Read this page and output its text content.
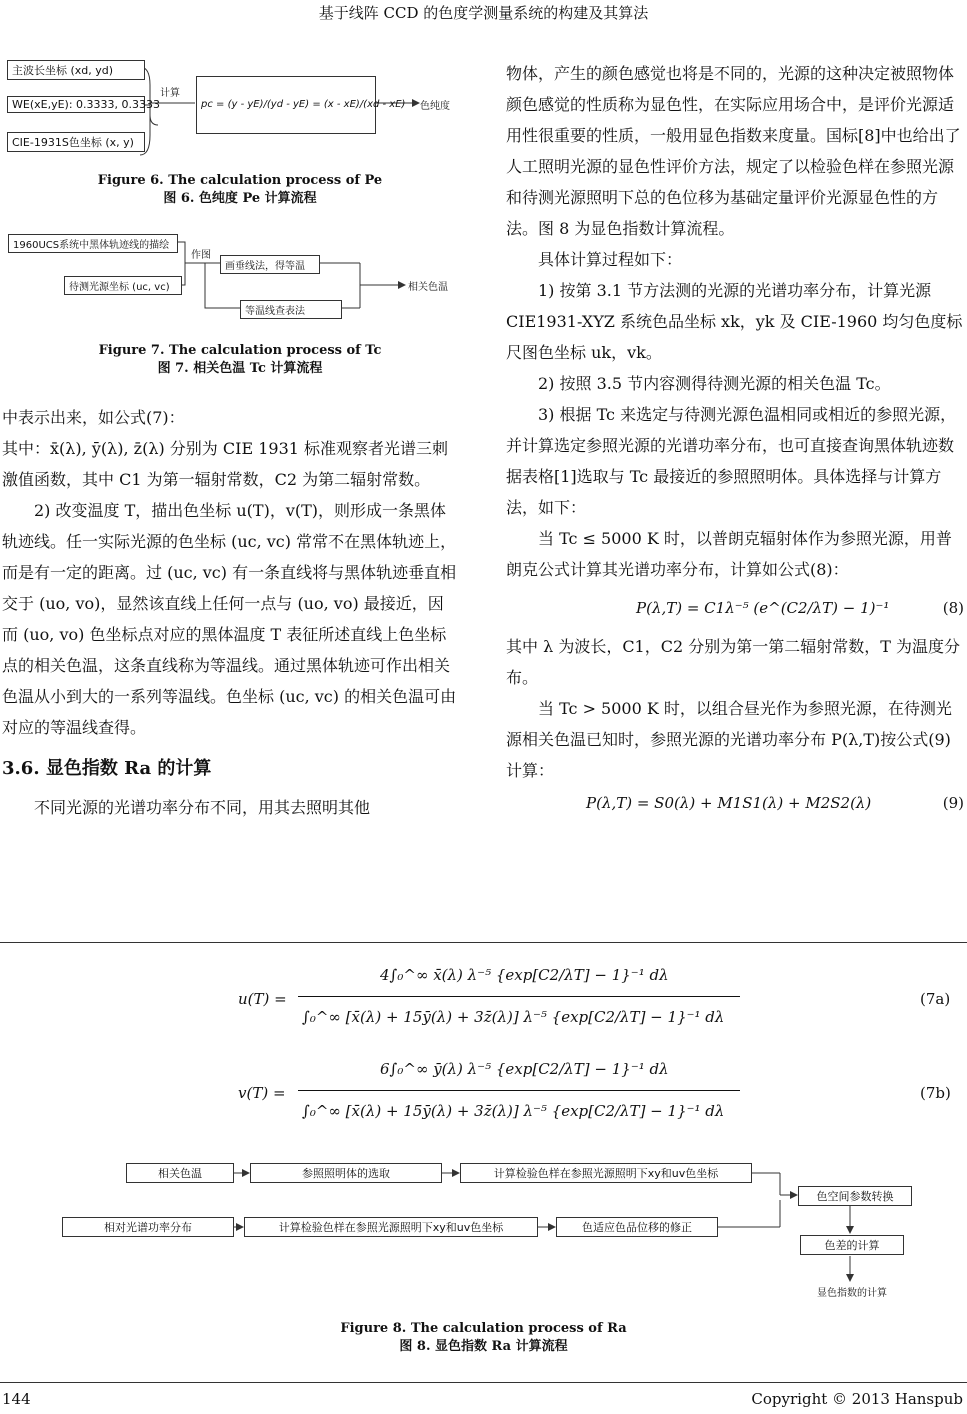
基于线阵 CCD 的色度学测量系统的构建及其算法
主波长坐标 (xd, yd)
WE(xE,yE): 0.3333, 0.3333
CIE-1931S色坐标 (x, y)
计算
pc = (y - yE)/(yd - yE) = (x - xE)/(xd - xE) 色纯度
Figure 6. The calculation process of Pe
图 6. 色纯度 Pe 计算流程
1960UCS系统中黑体轨迹线的描绘
待测光源坐标 (uc, vc)
作图
画垂线法，得等温
等温线查表法
相关色温
Figure 7. The calculation process of Tc
图 7. 相关色温 Tc 计算流程

中表示出来，如公式(7)：

其中：x̄(λ), ȳ(λ), z̄(λ) 分别为 CIE 1931 标准观察者光谱三刺激值函数，其中 C1 为第一辐射常数，C2 为第二辐射常数。

2) 改变温度 T，描出色坐标 u(T)，v(T)，则形成一条黑体轨迹线。任一实际光源的色坐标 (uc, vc) 常常不在黑体轨迹上，而是有一定的距离。过 (uc, vc) 有一条直线将与黑体轨迹垂直相交于 (uo, vo)，显然该直线上任何一点与 (uo, vo) 最接近，因而 (uo, vo) 色坐标点对应的黑体温度 T 表征所述直线上色坐标点的相关色温，这条直线称为等温线。通过黑体轨迹可作出相关色温从小到大的一系列等温线。色坐标 (uc, vc) 的相关色温可由对应的等温线查得。

3.6. 显色指数 Ra 的计算

不同光源的光谱功率分布不同，用其去照明其他

物体，产生的颜色感觉也将是不同的，光源的这种决定被照物体颜色感觉的性质称为显色性，在实际应用场合中，是评价光源适用性很重要的性质，一般用显色指数来度量。国标[8]中也给出了人工照明光源的显色性评价方法，规定了以检验色样在参照光源和待测光源照明下总的色位移为基础定量评价光源显色性的方法。图 8 为显色指数计算流程。

具体计算过程如下：

1) 按第 3.1 节方法测的光源的光谱功率分布，计算光源 CIE1931-XYZ 系统色品坐标 xk，yk 及 CIE-1960 均匀色度标尺图色坐标 uk，vk。

2) 按照 3.5 节内容测得待测光源的相关色温 Tc。

3) 根据 Tc 来选定与待测光源色温相同或相近的参照光源，并计算选定参照光源的光谱功率分布，也可直接查询黑体轨迹数据表格[1]选取与 Tc 最接近的参照照明体。具体选择与计算方法，如下：

当 Tc ≤ 5000 K 时，以普朗克辐射体作为参照光源，用普朗克公式计算其光谱功率分布，计算如公式(8)：

P(λ,T) = C1λ⁻⁵ (e^(C2/λT) − 1)⁻¹	(8)

其中 λ 为波长，C1，C2 分别为第一第二辐射常数，T 为温度分布。

当 Tc > 5000 K 时，以组合昼光作为参照光源，在待测光源相关色温已知时，参照光源的光谱功率分布 P(λ,T)按公式(9)计算：

P(λ,T) = S0(λ) + M1S1(λ) + M2S2(λ)	(9)
u(T) =
4∫₀^∞ x̄(λ) λ⁻⁵ {exp[C2/λT] − 1}⁻¹ dλ
∫₀^∞ [x̄(λ) + 15ȳ(λ) + 3z̄(λ)] λ⁻⁵ {exp[C2/λT] − 1}⁻¹ dλ
(7a)
v(T) =
6∫₀^∞ ȳ(λ) λ⁻⁵ {exp[C2/λT] − 1}⁻¹ dλ
∫₀^∞ [x̄(λ) + 15ȳ(λ) + 3z̄(λ)] λ⁻⁵ {exp[C2/λT] − 1}⁻¹ dλ
(7b)
相关色温	参照照明体的选取	计算检验色样在参照光源照明下xy和uv色坐标
色空间参数转换
相对光谱功率分布	计算检验色样在参照光源照明下xy和uv色坐标	色适应色品位移的修正
色差的计算
显色指数的计算
Figure 8. The calculation process of Ra
图 8. 显色指数 Ra 计算流程
144	Copyright © 2013 Hanspub
